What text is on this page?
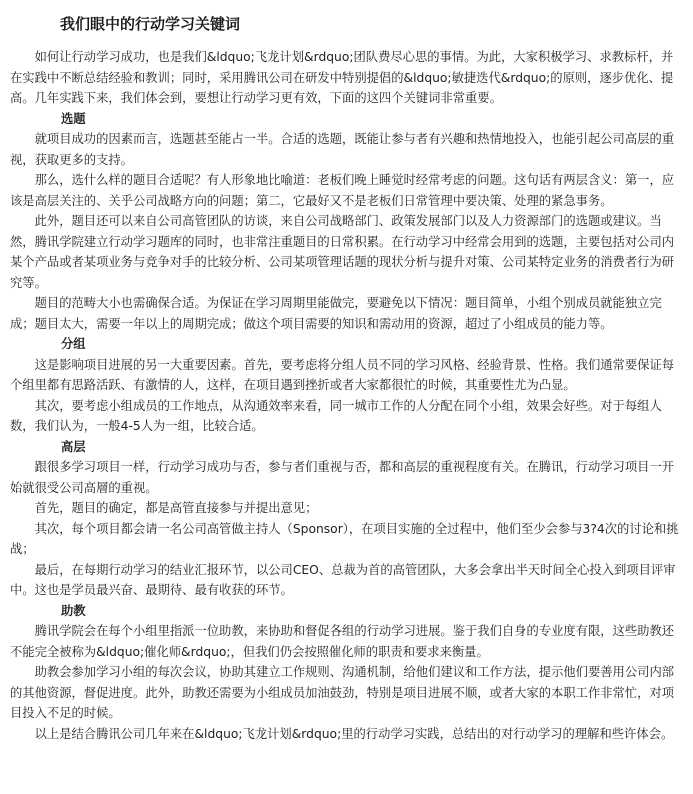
我们眼中的行动学习关键词
如何让行动学习成功，也是我们&ldquo;飞龙计划&rdquo;团队费尽心思的事情。为此，大家积极学习、求教标杆，并在实践中不断总结经验和教训；同时，采用腾讯公司在研发中特别提倡的&ldquo;敏捷迭代&rdquo;的原则，逐步优化、提高。几年实践下来，我们体会到，要想让行动学习更有效，下面的这四个关键词非常重要。
选题
就项目成功的因素而言，选题甚至能占一半。合适的选题，既能让参与者有兴趣和热情地投入，也能引起公司高层的重视，获取更多的支持。
那么，选什么样的题目合适呢？有人形象地比喻道：老板们晚上睡觉时经常考虑的问题。这句话有两层含义：第一，应该是高层关注的、关乎公司战略方向的问题；第二，它最好又不是老板们日常管理中要决策、处理的紧急事务。
此外，题目还可以来自公司高管团队的访谈，来自公司战略部门、政策发展部门以及人力资源部门的选题或建议。当然，腾讯学院建立行动学习题库的同时，也非常注重题目的日常积累。在行动学习中经常会用到的选题，主要包括对公司内某个产品或者某项业务与竞争对手的比较分析、公司某项管理话题的现状分析与提升对策、公司某特定业务的消费者行为研究等。
题目的范畴大小也需确保合适。为保证在学习周期里能做完，要避免以下情况：题目简单，小组个别成员就能独立完成；题目太大，需要一年以上的周期完成；做这个项目需要的知识和需动用的资源，超过了小组成员的能力等。
分组
这是影响项目进展的另一大重要因素。首先，要考虑将分组人员不同的学习风格、经验背景、性格。我们通常要保证每个组里都有思路活跃、有激情的人，这样，在项目遇到挫折或者大家都很忙的时候，其重要性尤为凸显。
其次，要考虑小组成员的工作地点，从沟通效率来看，同一城市工作的人分配在同个小组，效果会好些。对于每组人数，我们认为，一般4-5人为一组，比较合适。
高层
跟很多学习项目一样，行动学习成功与否，参与者们重视与否，都和高层的重视程度有关。在腾讯，行动学习项目一开始就很受公司高層的重视。
首先，题目的确定，都是高管直接参与并提出意见；
其次，每个项目都会请一名公司高管做主持人（Sponsor），在项目实施的全过程中，他们至少会参与3?4次的讨论和挑战；
最后，在每期行动学习的结业汇报环节，以公司CEO、总裁为首的高管团队，大多会拿出半天时间全心投入到项目评审中。这也是学员最兴奋、最期待、最有收获的环节。
助教
腾讯学院会在每个小组里指派一位助教，来协助和督促各组的行动学习进展。鉴于我们自身的专业度有限，这些助教还不能完全被称为&ldquo;催化师&rdquo;，但我们仍会按照催化师的职责和要求来衡量。
助教会参加学习小组的每次会议，协助其建立工作规则、沟通机制，给他们建议和工作方法，提示他们要善用公司内部的其他资源，督促进度。此外，助教还需要为小组成员加油鼓劲，特别是项目进展不顺，或者大家的本职工作非常忙，对项目投入不足的时候。
以上是结合腾讯公司几年来在&ldquo;飞龙计划&rdquo;里的行动学习实践，总结出的对行动学习的理解和些许体会。
